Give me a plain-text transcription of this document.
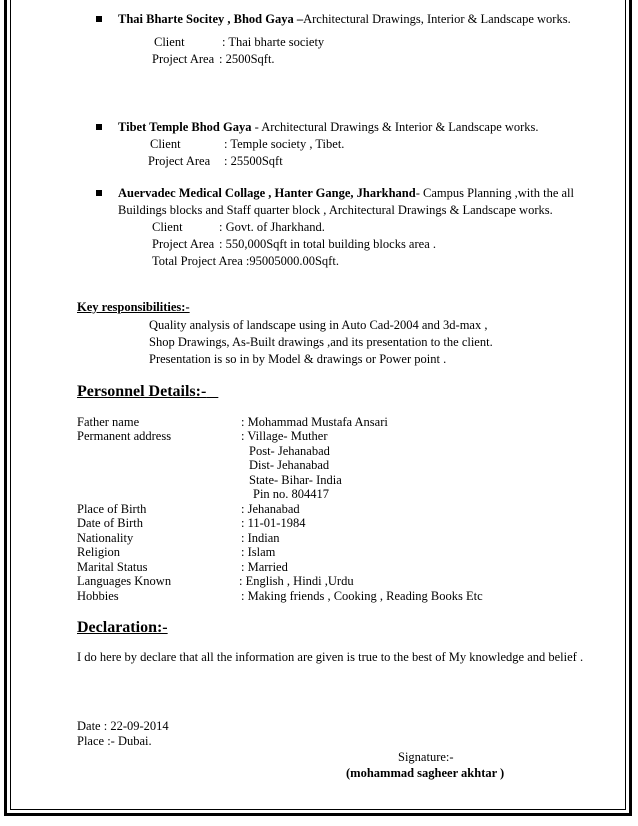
Thai Bharte Socitey , Bhod Gaya –Architectural Drawings, Interior & Landscape works.
Client	: Thai bharte society
Project Area : 2500Sqft.
Tibet Temple Bhod Gaya - Architectural Drawings & Interior & Landscape works.
Client	: Temple society , Tibet.
Project Area : 25500Sqft
Auervadec Medical Collage , Hanter Gange, Jharkhand- Campus Planning ,with the all
Buildings blocks and Staff quarter block , Architectural Drawings & Landscape works.
Client	: Govt. of Jharkhand.
Project Area : 550,000Sqft in total building blocks area .
Total Project Area :95005000.00Sqft.
Key responsibilities:-
Quality analysis of landscape using in Auto Cad-2004 and 3d-max ,
Shop Drawings, As-Built drawings ,and its presentation to the client.
Presentation is so in by Model & drawings or Power point .
Personnel Details:-
Father name	: Mohammad Mustafa Ansari
Permanent address	: Village- Muther
Post- Jehanabad
Dist- Jehanabad
State- Bihar- India
Pin no. 804417
Place of Birth	: Jehanabad
Date of Birth	: 11-01-1984
Nationality	: Indian
Religion	: Islam
Marital Status	: Married
Languages Known	: English , Hindi ,Urdu
Hobbies	: Making friends , Cooking , Reading Books Etc
Declaration:-
I do here by declare that all the information are given is true to the best of My knowledge and belief .
Date : 22-09-2014
Place :- Dubai.
Signature:-
(mohammad sagheer akhtar )
